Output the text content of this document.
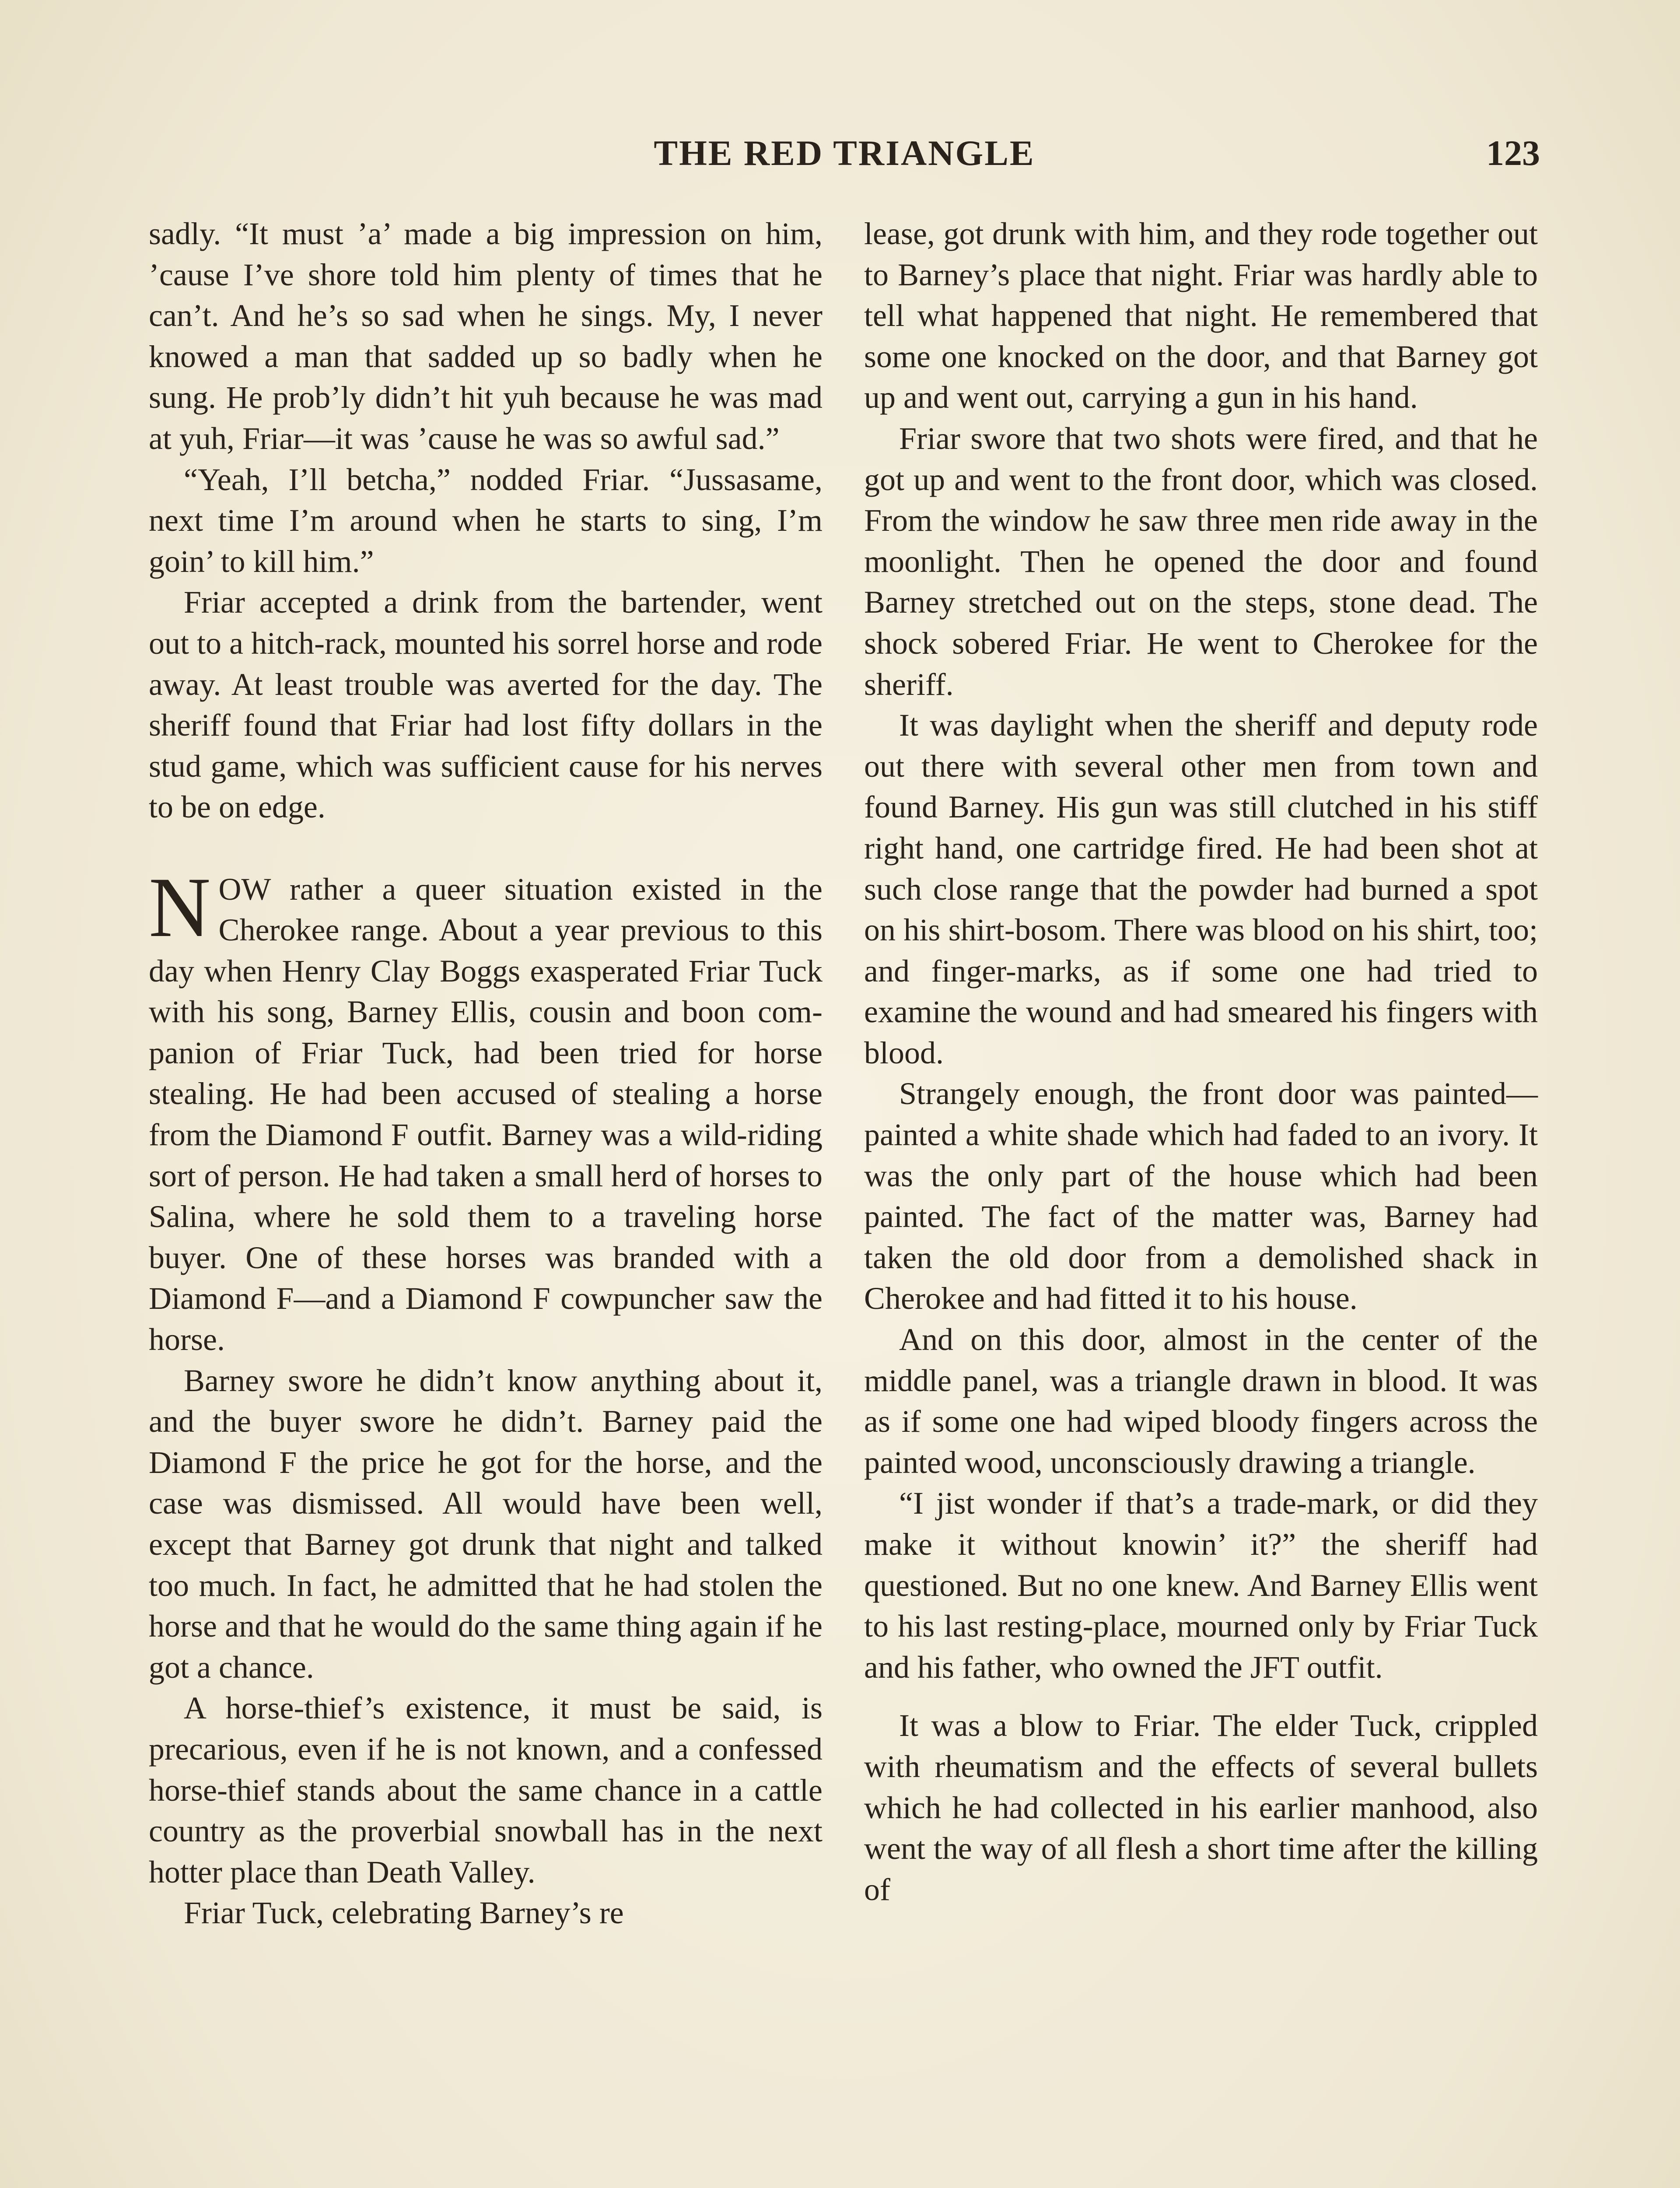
THE RED TRIANGLE	123

sadly. “It must ’a’ made a big impression on him, ’cause I’ve shore told him plenty of times that he can’t. And he’s so sad when he sings. My, I never knowed a man that sadded up so badly when he sung. He prob’ly didn’t hit yuh because he was mad at yuh, Friar—it was ’cause he was so awful sad.”

“Yeah, I’ll betcha,” nodded Friar. “Jussasame, next time I’m around when he starts to sing, I’m goin’ to kill him.”

Friar accepted a drink from the bartender, went out to a hitch-rack, mounted his sorrel horse and rode away. At least trouble was averted for the day. The sheriff found that Friar had lost fifty dollars in the stud game, which was sufficient cause for his nerves to be on edge.

NOW rather a queer situation existed in the Cherokee range. About a year previous to this day when Henry Clay Boggs exasperated Friar Tuck with his song, Barney Ellis, cousin and boon companion of Friar Tuck, had been tried for horse stealing. He had been accused of stealing a horse from the Diamond F outfit. Barney was a wild-riding sort of person. He had taken a small herd of horses to Salina, where he sold them to a traveling horse buyer. One of these horses was branded with a Diamond F—and a Diamond F cowpuncher saw the horse.

Barney swore he didn’t know anything about it, and the buyer swore he didn’t. Barney paid the Diamond F the price he got for the horse, and the case was dismissed. All would have been well, except that Barney got drunk that night and talked too much. In fact, he admitted that he had stolen the horse and that he would do the same thing again if he got a chance.

A horse-thief’s existence, it must be said, is precarious, even if he is not known, and a confessed horse-thief stands about the same chance in a cattle country as the proverbial snowball has in the next hotter place than Death Valley.

Friar Tuck, celebrating Barney’s re

lease, got drunk with him, and they rode together out to Barney’s place that night. Friar was hardly able to tell what happened that night. He remembered that some one knocked on the door, and that Barney got up and went out, carrying a gun in his hand.

Friar swore that two shots were fired, and that he got up and went to the front door, which was closed. From the window he saw three men ride away in the moonlight. Then he opened the door and found Barney stretched out on the steps, stone dead. The shock sobered Friar. He went to Cherokee for the sheriff.

It was daylight when the sheriff and deputy rode out there with several other men from town and found Barney. His gun was still clutched in his stiff right hand, one cartridge fired. He had been shot at such close range that the powder had burned a spot on his shirt-bosom. There was blood on his shirt, too; and finger-marks, as if some one had tried to examine the wound and had smeared his fingers with blood.

Strangely enough, the front door was painted—painted a white shade which had faded to an ivory. It was the only part of the house which had been painted. The fact of the matter was, Barney had taken the old door from a demolished shack in Cherokee and had fitted it to his house.

And on this door, almost in the center of the middle panel, was a triangle drawn in blood. It was as if some one had wiped bloody fingers across the painted wood, unconsciously drawing a triangle.

“I jist wonder if that’s a trade-mark, or did they make it without knowin’ it?” the sheriff had questioned. But no one knew. And Barney Ellis went to his last resting-place, mourned only by Friar Tuck and his father, who owned the JFT outfit.

It was a blow to Friar. The elder Tuck, crippled with rheumatism and the effects of several bullets which he had collected in his earlier manhood, also went the way of all flesh a short time after the killing of
